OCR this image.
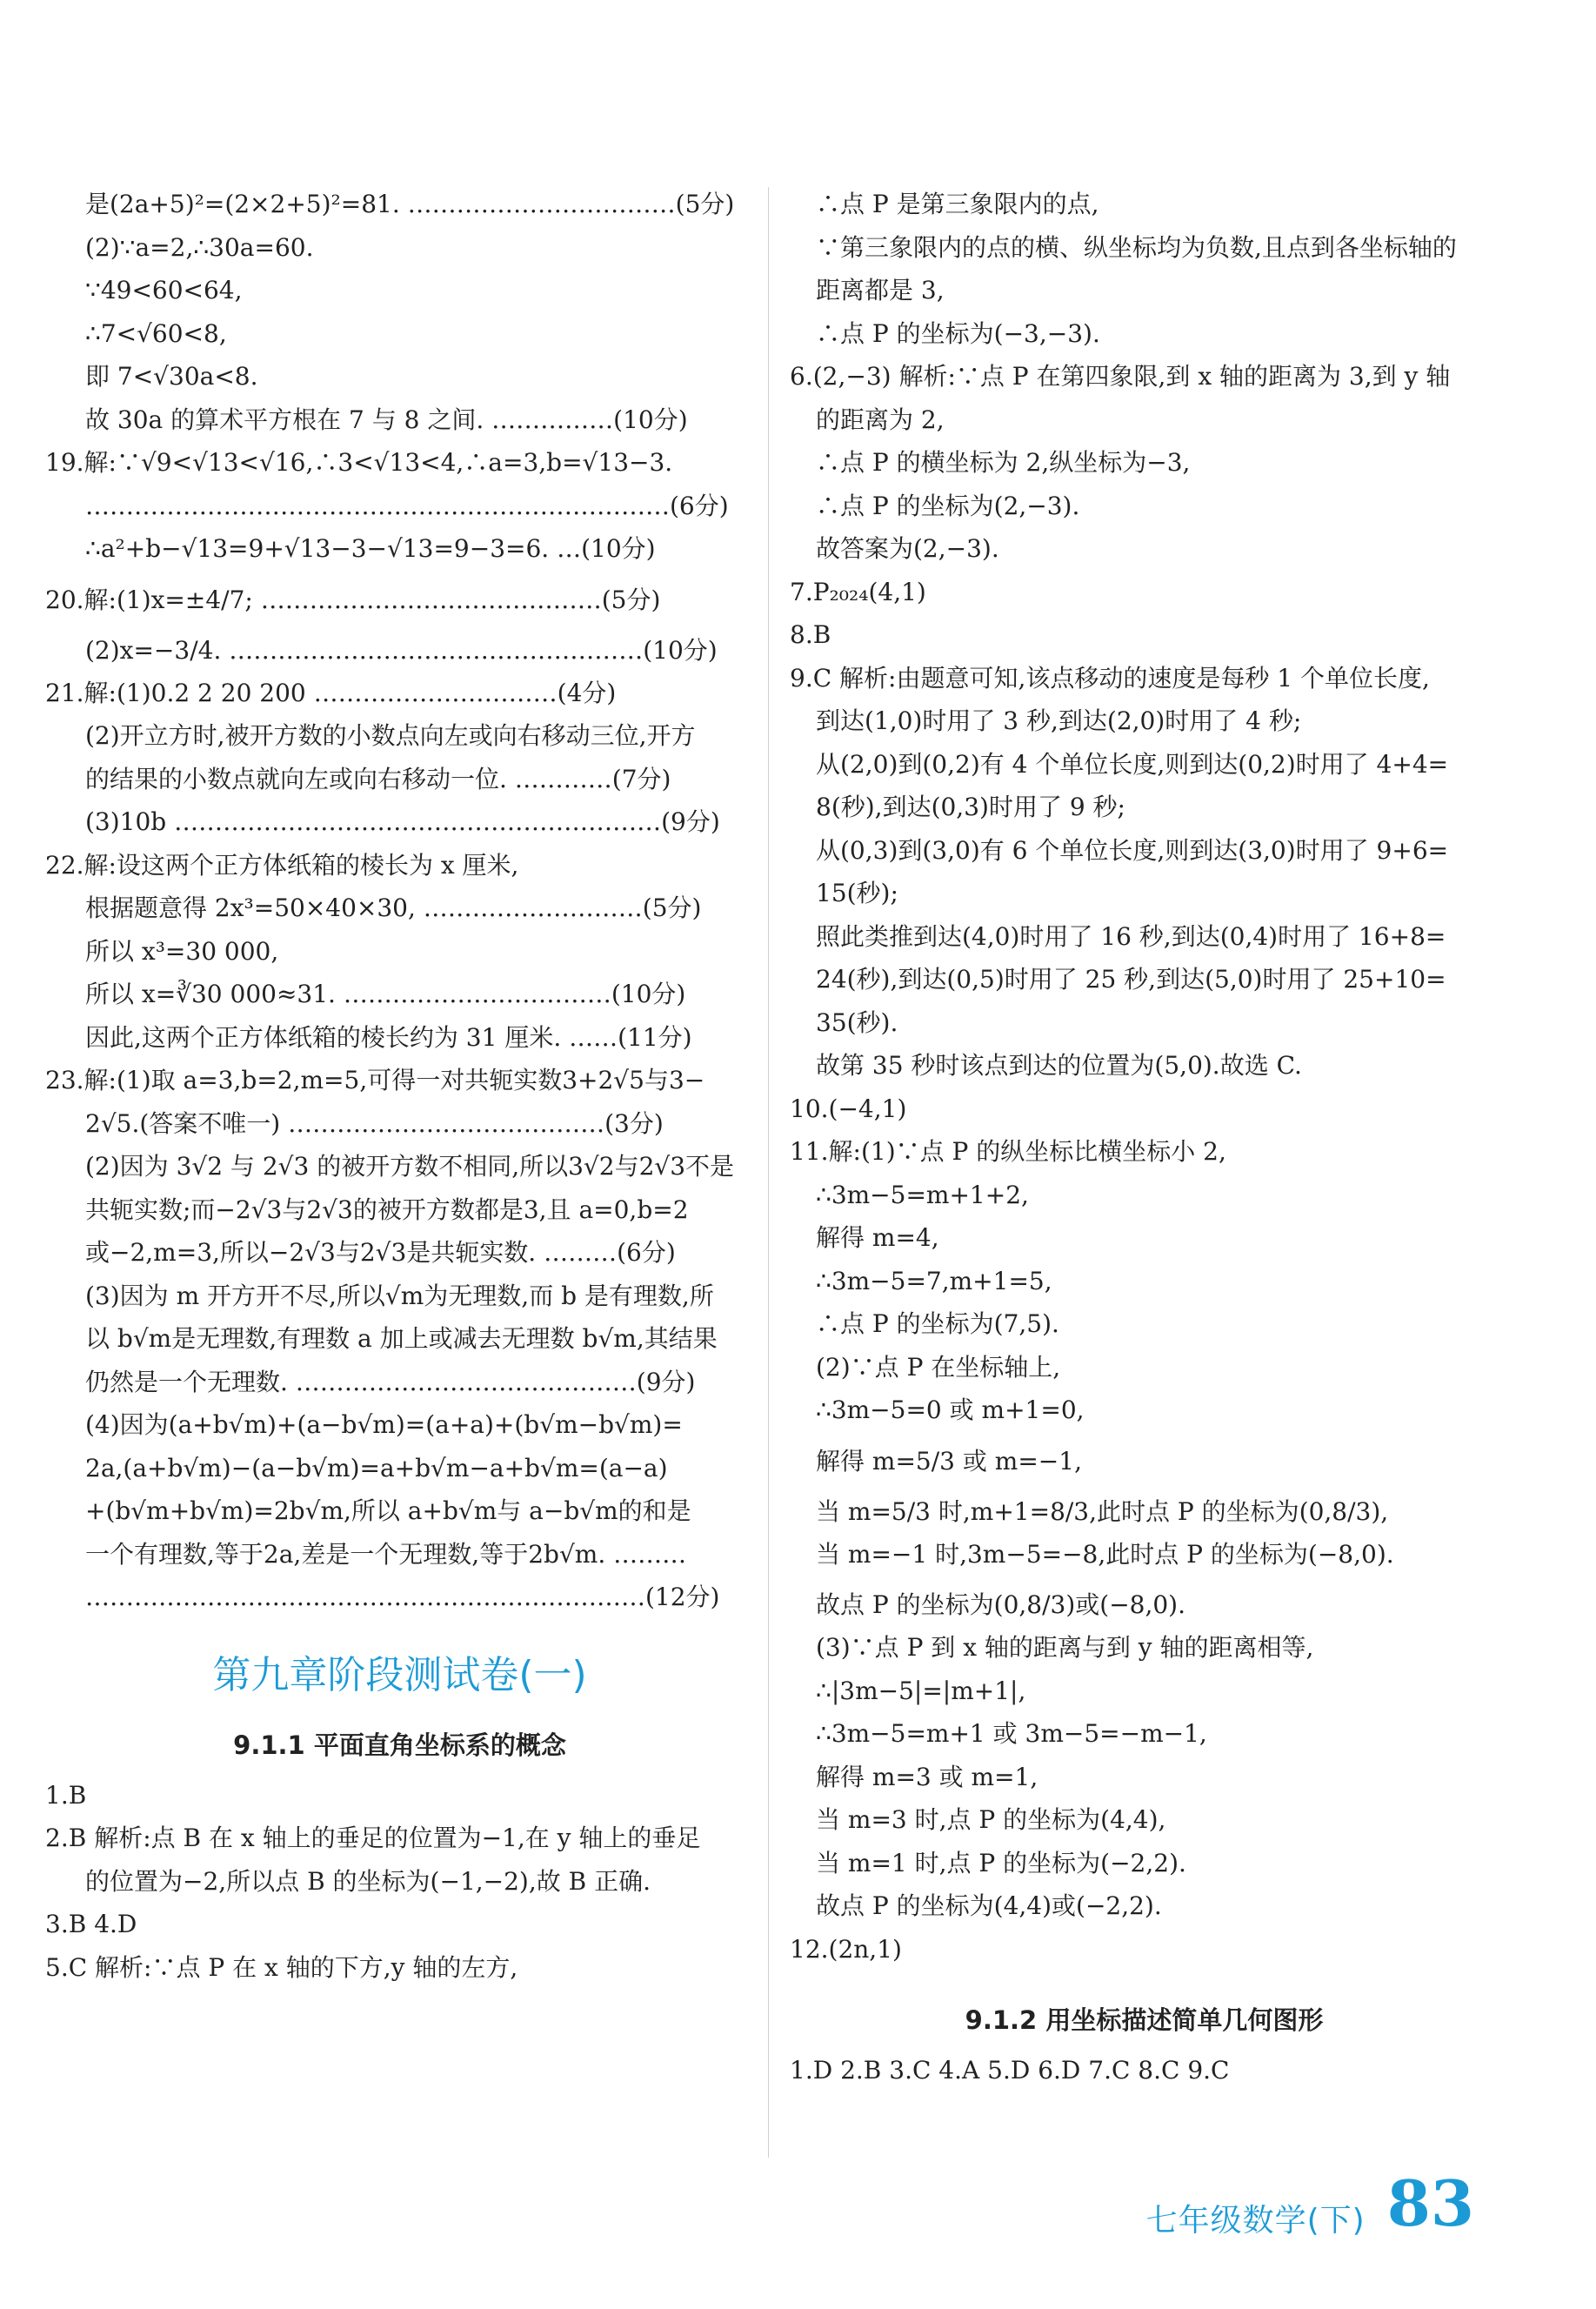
是(2a+5)²=(2×2+5)²=81. ……………………………(5分)
(2)∵a=2,∴30a=60.
∵49<60<64,
∴7<√60<8,
即 7<√30a<8.
故 30a 的算术平方根在 7 与 8 之间. ……………(10分)
19.解:∵√9<√13<√16,∴3<√13<4,∴a=3,b=√13−3.
………………………………………………………………(6分)
∴a²+b−√13=9+√13−3−√13=9−3=6. …(10分)
20.解:(1)x=±4/7; ……………………………………(5分)
(2)x=−3/4. ……………………………………………(10分)
21.解:(1)0.2 2 20 200 …………………………(4分)
(2)开立方时,被开方数的小数点向左或向右移动三位,开方
的结果的小数点就向左或向右移动一位. …………(7分)
(3)10b ……………………………………………………(9分)
22.解:设这两个正方体纸箱的棱长为 x 厘米,
根据题意得 2x³=50×40×30, ………………………(5分)
所以 x³=30 000,
所以 x=∛30 000≈31. ……………………………(10分)
因此,这两个正方体纸箱的棱长约为 31 厘米. ……(11分)
23.解:(1)取 a=3,b=2,m=5,可得一对共轭实数3+2√5与3−
2√5.(答案不唯一) …………………………………(3分)
(2)因为 3√2 与 2√3 的被开方数不相同,所以3√2与2√3不是
共轭实数;而−2√3与2√3的被开方数都是3,且 a=0,b=2
或−2,m=3,所以−2√3与2√3是共轭实数. ………(6分)
(3)因为 m 开方开不尽,所以√m为无理数,而 b 是有理数,所
以 b√m是无理数,有理数 a 加上或减去无理数 b√m,其结果
仍然是一个无理数. ……………………………………(9分)
(4)因为(a+b√m)+(a−b√m)=(a+a)+(b√m−b√m)=
2a,(a+b√m)−(a−b√m)=a+b√m−a+b√m=(a−a)
+(b√m+b√m)=2b√m,所以 a+b√m与 a−b√m的和是
一个有理数,等于2a,差是一个无理数,等于2b√m. ………
……………………………………………………………(12分)
第九章阶段测试卷(一)
9.1.1 平面直角坐标系的概念
1.B
2.B 解析:点 B 在 x 轴上的垂足的位置为−1,在 y 轴上的垂足
的位置为−2,所以点 B 的坐标为(−1,−2),故 B 正确.
3.B 4.D
5.C 解析:∵点 P 在 x 轴的下方,y 轴的左方,
∴点 P 是第三象限内的点,
∵第三象限内的点的横、纵坐标均为负数,且点到各坐标轴的
距离都是 3,
∴点 P 的坐标为(−3,−3).
6.(2,−3) 解析:∵点 P 在第四象限,到 x 轴的距离为 3,到 y 轴
的距离为 2,
∴点 P 的横坐标为 2,纵坐标为−3,
∴点 P 的坐标为(2,−3).
故答案为(2,−3).
7.P₂₀₂₄(4,1)
8.B
9.C 解析:由题意可知,该点移动的速度是每秒 1 个单位长度,
到达(1,0)时用了 3 秒,到达(2,0)时用了 4 秒;
从(2,0)到(0,2)有 4 个单位长度,则到达(0,2)时用了 4+4=
8(秒),到达(0,3)时用了 9 秒;
从(0,3)到(3,0)有 6 个单位长度,则到达(3,0)时用了 9+6=
15(秒);
照此类推到达(4,0)时用了 16 秒,到达(0,4)时用了 16+8=
24(秒),到达(0,5)时用了 25 秒,到达(5,0)时用了 25+10=
35(秒).
故第 35 秒时该点到达的位置为(5,0).故选 C.
10.(−4,1)
11.解:(1)∵点 P 的纵坐标比横坐标小 2,
∴3m−5=m+1+2,
解得 m=4,
∴3m−5=7,m+1=5,
∴点 P 的坐标为(7,5).
(2)∵点 P 在坐标轴上,
∴3m−5=0 或 m+1=0,
解得 m=5/3 或 m=−1,
当 m=5/3 时,m+1=8/3,此时点 P 的坐标为(0,8/3),
当 m=−1 时,3m−5=−8,此时点 P 的坐标为(−8,0).
故点 P 的坐标为(0,8/3)或(−8,0).
(3)∵点 P 到 x 轴的距离与到 y 轴的距离相等,
∴|3m−5|=|m+1|,
∴3m−5=m+1 或 3m−5=−m−1,
解得 m=3 或 m=1,
当 m=3 时,点 P 的坐标为(4,4),
当 m=1 时,点 P 的坐标为(−2,2).
故点 P 的坐标为(4,4)或(−2,2).
12.(2n,1)
9.1.2 用坐标描述简单几何图形
1.D 2.B 3.C 4.A 5.D 6.D 7.C 8.C 9.C
七年级数学(下) 83
